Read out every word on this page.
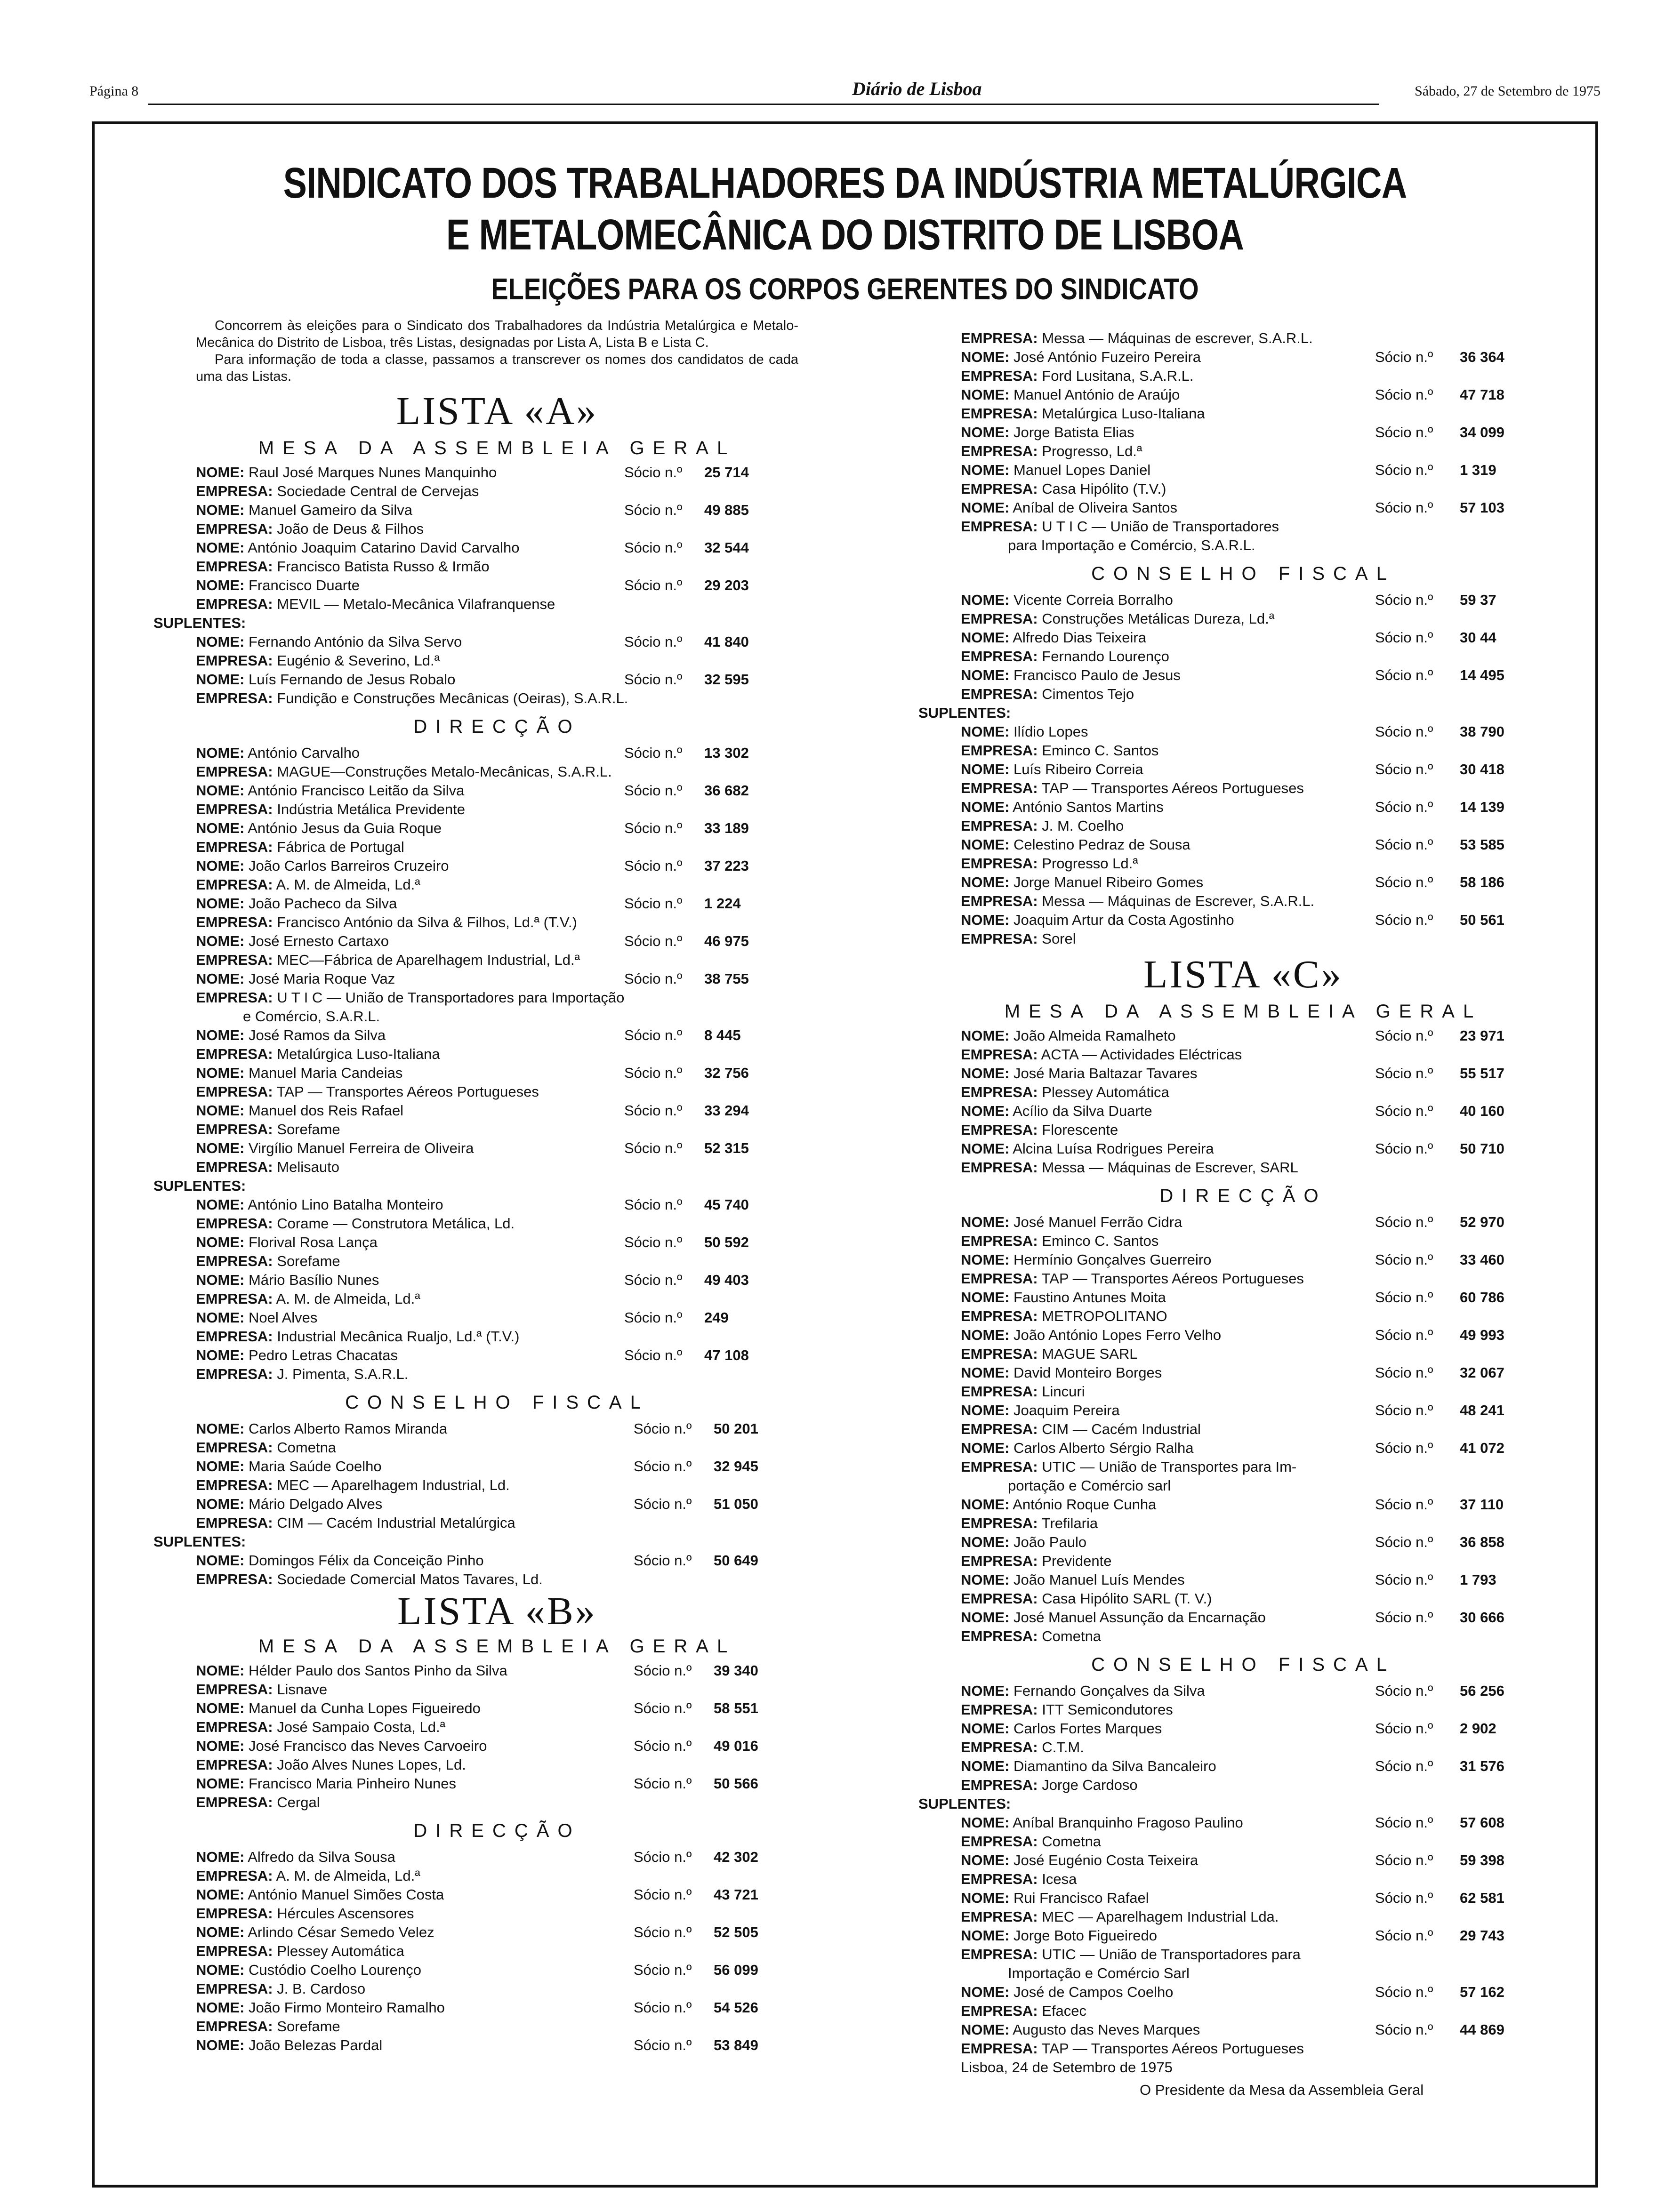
Página 8	Diário de Lisboa	Sábado, 27 de Setembro de 1975
SINDICATO DOS TRABALHADORES DA INDÚSTRIA METALÚRGICA
E METALOMECÂNICA DO DISTRITO DE LISBOA
ELEIÇÕES PARA OS CORPOS GERENTES DO SINDICATO
Concorrem às eleições para o Sindicato dos Trabalhadores da Indústria Metalúrgica e Metalo-Mecânica do Distrito de Lisboa, três Listas, designadas por Lista A, Lista B e Lista C.
Para informação de toda a classe, passamos a transcrever os nomes dos candidatos de cada uma das Listas.
LISTA «A»
MESA DA ASSEMBLEIA GERAL
NOME: Raul José Marques Nunes Manquinho	Sócio n.º 25 714
EMPRESA: Sociedade Central de Cervejas
NOME: Manuel Gameiro da Silva	Sócio n.º 49 885
EMPRESA: João de Deus & Filhos
NOME: António Joaquim Catarino David Carvalho	Sócio n.º 32 544
EMPRESA: Francisco Batista Russo & Irmão
NOME: Francisco Duarte	Sócio n.º 29 203
EMPRESA: MEVIL — Metalo-Mecânica Vilafranquense
SUPLENTES:
NOME: Fernando António da Silva Servo	Sócio n.º 41 840
EMPRESA: Eugénio & Severino, Ld.ª
NOME: Luís Fernando de Jesus Robalo	Sócio n.º 32 595
EMPRESA: Fundição e Construções Mecânicas (Oeiras), S.A.R.L.
DIRECÇÃO
NOME: António Carvalho	Sócio n.º 13 302
EMPRESA: MAGUE—Construções Metalo-Mecânicas, S.A.R.L.
NOME: António Francisco Leitão da Silva	Sócio n.º 36 682
EMPRESA: Indústria Metálica Previdente
NOME: António Jesus da Guia Roque	Sócio n.º 33 189
EMPRESA: Fábrica de Portugal
NOME: João Carlos Barreiros Cruzeiro	Sócio n.º 37 223
EMPRESA: A. M. de Almeida, Ld.ª
NOME: João Pacheco da Silva	Sócio n.º 1 224
EMPRESA: Francisco António da Silva & Filhos, Ld.ª (T.V.)
NOME: José Ernesto Cartaxo	Sócio n.º 46 975
EMPRESA: MEC—Fábrica de Aparelhagem Industrial, Ld.ª
NOME: José Maria Roque Vaz	Sócio n.º 38 755
EMPRESA: U T I C — União de Transportadores para Importação
e Comércio, S.A.R.L.
NOME: José Ramos da Silva	Sócio n.º 8 445
EMPRESA: Metalúrgica Luso-Italiana
NOME: Manuel Maria Candeias	Sócio n.º 32 756
EMPRESA: TAP — Transportes Aéreos Portugueses
NOME: Manuel dos Reis Rafael	Sócio n.º 33 294
EMPRESA: Sorefame
NOME: Virgílio Manuel Ferreira de Oliveira	Sócio n.º 52 315
EMPRESA: Melisauto
SUPLENTES:
NOME: António Lino Batalha Monteiro	Sócio n.º 45 740
EMPRESA: Corame — Construtora Metálica, Ld.
NOME: Florival Rosa Lança	Sócio n.º 50 592
EMPRESA: Sorefame
NOME: Mário Basílio Nunes	Sócio n.º 49 403
EMPRESA: A. M. de Almeida, Ld.ª
NOME: Noel Alves	Sócio n.º 249
EMPRESA: Industrial Mecânica Rualjo, Ld.ª (T.V.)
NOME: Pedro Letras Chacatas	Sócio n.º 47 108
EMPRESA: J. Pimenta, S.A.R.L.
CONSELHO FISCAL
NOME: Carlos Alberto Ramos Miranda	Sócio n.º 50 201
EMPRESA: Cometna
NOME: Maria Saúde Coelho	Sócio n.º 32 945
EMPRESA: MEC — Aparelhagem Industrial, Ld.
NOME: Mário Delgado Alves	Sócio n.º 51 050
EMPRESA: CIM — Cacém Industrial Metalúrgica
SUPLENTES:
NOME: Domingos Félix da Conceição Pinho	Sócio n.º 50 649
EMPRESA: Sociedade Comercial Matos Tavares, Ld.
LISTA «B»
MESA DA ASSEMBLEIA GERAL
NOME: Hélder Paulo dos Santos Pinho da Silva	Sócio n.º 39 340
EMPRESA: Lisnave
NOME: Manuel da Cunha Lopes Figueiredo	Sócio n.º 58 551
EMPRESA: José Sampaio Costa, Ld.ª
NOME: José Francisco das Neves Carvoeiro	Sócio n.º 49 016
EMPRESA: João Alves Nunes Lopes, Ld.
NOME: Francisco Maria Pinheiro Nunes	Sócio n.º 50 566
EMPRESA: Cergal
DIRECÇÃO
NOME: Alfredo da Silva Sousa	Sócio n.º 42 302
EMPRESA: A. M. de Almeida, Ld.ª
NOME: António Manuel Simões Costa	Sócio n.º 43 721
EMPRESA: Hércules Ascensores
NOME: Arlindo César Semedo Velez	Sócio n.º 52 505
EMPRESA: Plessey Automática
NOME: Custódio Coelho Lourenço	Sócio n.º 56 099
EMPRESA: J. B. Cardoso
NOME: João Firmo Monteiro Ramalho	Sócio n.º 54 526
EMPRESA: Sorefame
NOME: João Belezas Pardal	Sócio n.º 53 849
EMPRESA: Messa — Máquinas de escrever, S.A.R.L.
NOME: José António Fuzeiro Pereira	Sócio n.º 36 364
EMPRESA: Ford Lusitana, S.A.R.L.
NOME: Manuel António de Araújo	Sócio n.º 47 718
EMPRESA: Metalúrgica Luso-Italiana
NOME: Jorge Batista Elias	Sócio n.º 34 099
EMPRESA: Progresso, Ld.ª
NOME: Manuel Lopes Daniel	Sócio n.º 1 319
EMPRESA: Casa Hipólito (T.V.)
NOME: Aníbal de Oliveira Santos	Sócio n.º 57 103
EMPRESA: U T I C — União de Transportadores
para Importação e Comércio, S.A.R.L.
CONSELHO FISCAL
NOME: Vicente Correia Borralho	Sócio n.º 59 37
EMPRESA: Construções Metálicas Dureza, Ld.ª
NOME: Alfredo Dias Teixeira	Sócio n.º 30 44
EMPRESA: Fernando Lourenço
NOME: Francisco Paulo de Jesus	Sócio n.º 14 495
EMPRESA: Cimentos Tejo
SUPLENTES:
NOME: Ilídio Lopes	Sócio n.º 38 790
EMPRESA: Eminco C. Santos
NOME: Luís Ribeiro Correia	Sócio n.º 30 418
EMPRESA: TAP — Transportes Aéreos Portugueses
NOME: António Santos Martins	Sócio n.º 14 139
EMPRESA: J. M. Coelho
NOME: Celestino Pedraz de Sousa	Sócio n.º 53 585
EMPRESA: Progresso Ld.ª
NOME: Jorge Manuel Ribeiro Gomes	Sócio n.º 58 186
EMPRESA: Messa — Máquinas de Escrever, S.A.R.L.
NOME: Joaquim Artur da Costa Agostinho	Sócio n.º 50 561
EMPRESA: Sorel
LISTA «C»
MESA DA ASSEMBLEIA GERAL
NOME: João Almeida Ramalheto	Sócio n.º 23 971
EMPRESA: ACTA — Actividades Eléctricas
NOME: José Maria Baltazar Tavares	Sócio n.º 55 517
EMPRESA: Plessey Automática
NOME: Acílio da Silva Duarte	Sócio n.º 40 160
EMPRESA: Florescente
NOME: Alcina Luísa Rodrigues Pereira	Sócio n.º 50 710
EMPRESA: Messa — Máquinas de Escrever, SARL
DIRECÇÃO
NOME: José Manuel Ferrão Cidra	Sócio n.º 52 970
EMPRESA: Eminco C. Santos
NOME: Hermínio Gonçalves Guerreiro	Sócio n.º 33 460
EMPRESA: TAP — Transportes Aéreos Portugueses
NOME: Faustino Antunes Moita	Sócio n.º 60 786
EMPRESA: METROPOLITANO
NOME: João António Lopes Ferro Velho	Sócio n.º 49 993
EMPRESA: MAGUE SARL
NOME: David Monteiro Borges	Sócio n.º 32 067
EMPRESA: Lincuri
NOME: Joaquim Pereira	Sócio n.º 48 241
EMPRESA: CIM — Cacém Industrial
NOME: Carlos Alberto Sérgio Ralha	Sócio n.º 41 072
EMPRESA: UTIC — União de Transportes para Im-
portação e Comércio sarl
NOME: António Roque Cunha	Sócio n.º 37 110
EMPRESA: Trefilaria
NOME: João Paulo	Sócio n.º 36 858
EMPRESA: Previdente
NOME: João Manuel Luís Mendes	Sócio n.º 1 793
EMPRESA: Casa Hipólito SARL (T. V.)
NOME: José Manuel Assunção da Encarnação	Sócio n.º 30 666
EMPRESA: Cometna
CONSELHO FISCAL
NOME: Fernando Gonçalves da Silva	Sócio n.º 56 256
EMPRESA: ITT Semicondutores
NOME: Carlos Fortes Marques	Sócio n.º 2 902
EMPRESA: C.T.M.
NOME: Diamantino da Silva Bancaleiro	Sócio n.º 31 576
EMPRESA: Jorge Cardoso
SUPLENTES:
NOME: Aníbal Branquinho Fragoso Paulino	Sócio n.º 57 608
EMPRESA: Cometna
NOME: José Eugénio Costa Teixeira	Sócio n.º 59 398
EMPRESA: Icesa
NOME: Rui Francisco Rafael	Sócio n.º 62 581
EMPRESA: MEC — Aparelhagem Industrial Lda.
NOME: Jorge Boto Figueiredo	Sócio n.º 29 743
EMPRESA: UTIC — União de Transportadores para
Importação e Comércio Sarl
NOME: José de Campos Coelho	Sócio n.º 57 162
EMPRESA: Efacec
NOME: Augusto das Neves Marques	Sócio n.º 44 869
EMPRESA: TAP — Transportes Aéreos Portugueses
Lisboa, 24 de Setembro de 1975
O Presidente da Mesa da Assembleia Geral
